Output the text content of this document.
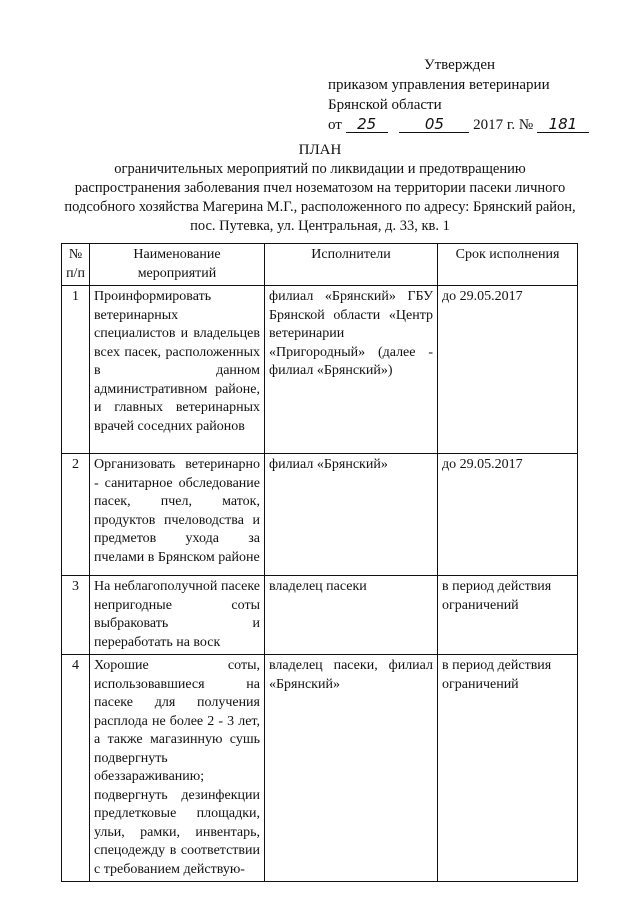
Утвержден
приказом управления ветеринарии
Брянской области
от 25	05 2017 г. № 181
ПЛАН
ограничительных мероприятий по ликвидации и предотвращению распространения заболевания пчел нозематозом на территории пасеки личного подсобного хозяйства Магерина М.Г., расположенного по адресу: Брянский район, пос. Путевка, ул. Центральная, д. 33, кв. 1
№ п/п	Наименование мероприятий	Исполнители	Срок исполнения
1	Проинформировать ветеринарных специалистов и владельцев всех пасек, расположенных в данном административном районе, и главных ветеринарных врачей соседних районов	филиал «Брянский» ГБУ Брянской области «Центр ветеринарии «Пригородный» (далее - филиал «Брянский»)	до 29.05.2017
2	Организовать ветеринарно - санитарное обследование пасек, пчел, маток, продуктов пчеловодства и предметов ухода за пчелами в Брянском районе	филиал «Брянский»	до 29.05.2017
3	На неблагополучной пасеке непригодные соты выбраковать и переработать на воск	владелец пасеки	в период действия ограничений
4	Хорошие соты, использовавшиеся на пасеке для получения расплода не более 2 - 3 лет, а также магазинную сушь подвергнуть обеззараживанию; подвергнуть дезинфекции предлетковые площадки, ульи, рамки, инвентарь, спецодежду в соответствии с требованием действую-	владелец пасеки, филиал «Брянский»	в период действия ограничений
